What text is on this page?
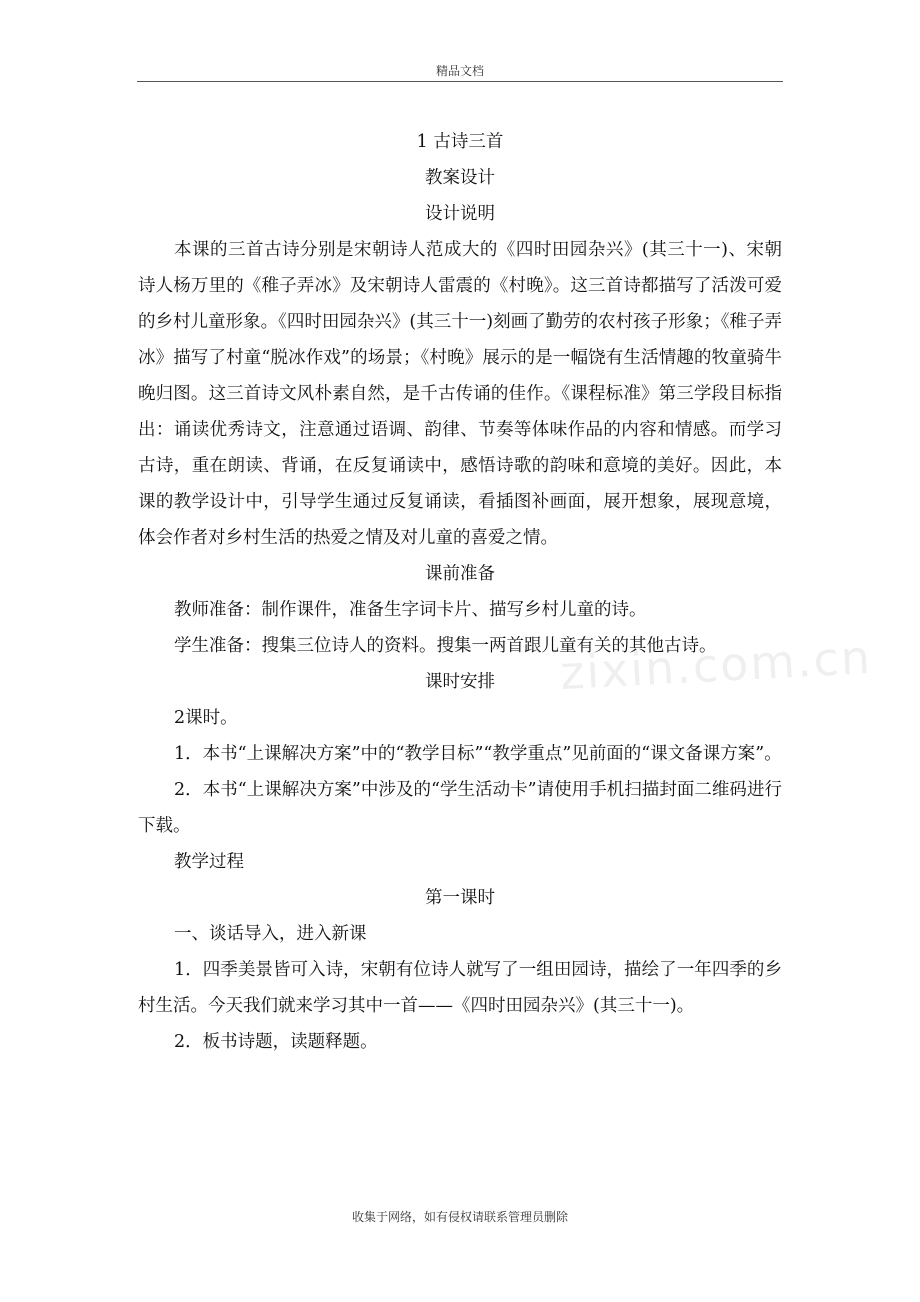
精品文档
zixin.com.cn
1 古诗三首
教案设计
设计说明
本课的三首古诗分别是宋朝诗人范成大的《四时田园杂兴》(其三十一)、宋朝诗人杨万里的《稚子弄冰》及宋朝诗人雷震的《村晚》。这三首诗都描写了活泼可爱的乡村儿童形象。《四时田园杂兴》(其三十一)刻画了勤劳的农村孩子形象；《稚子弄冰》描写了村童“脱冰作戏”的场景；《村晚》展示的是一幅饶有生活情趣的牧童骑牛晚归图。这三首诗文风朴素自然，是千古传诵的佳作。《课程标准》第三学段目标指出：诵读优秀诗文，注意通过语调、韵律、节奏等体味作品的内容和情感。而学习古诗，重在朗读、背诵，在反复诵读中，感悟诗歌的韵味和意境的美好。因此，本课的教学设计中，引导学生通过反复诵读，看插图补画面，展开想象，展现意境，体会作者对乡村生活的热爱之情及对儿童的喜爱之情。
课前准备
教师准备：制作课件，准备生字词卡片、描写乡村儿童的诗。
学生准备：搜集三位诗人的资料。搜集一两首跟儿童有关的其他古诗。
课时安排
2课时。
1．本书“上课解决方案”中的“教学目标”“教学重点”见前面的“课文备课方案”。
2．本书“上课解决方案”中涉及的“学生活动卡”请使用手机扫描封面二维码进行下载。
教学过程
第一课时
一、谈话导入，进入新课
1．四季美景皆可入诗，宋朝有位诗人就写了一组田园诗，描绘了一年四季的乡村生活。今天我们就来学习其中一首——《四时田园杂兴》(其三十一)。
2．板书诗题，读题释题。
收集于网络，如有侵权请联系管理员删除
